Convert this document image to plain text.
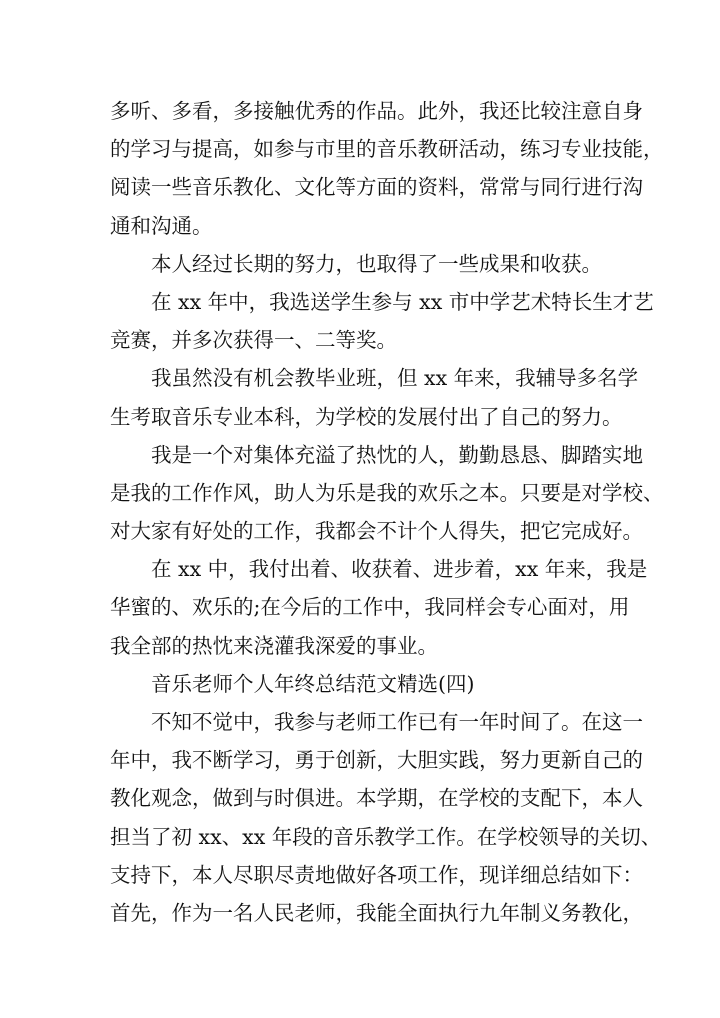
多听、多看，多接触优秀的作品。此外，我还比较注意自身
的学习与提高，如参与市里的音乐教研活动，练习专业技能，
阅读一些音乐教化、文化等方面的资料，常常与同行进行沟
通和沟通。
本人经过长期的努力，也取得了一些成果和收获。
在 xx 年中，我选送学生参与 xx 市中学艺术特长生才艺
竞赛，并多次获得一、二等奖。
我虽然没有机会教毕业班，但 xx 年来，我辅导多名学
生考取音乐专业本科，为学校的发展付出了自己的努力。
我是一个对集体充溢了热忱的人，勤勤恳恳、脚踏实地
是我的工作作风，助人为乐是我的欢乐之本。只要是对学校、
对大家有好处的工作，我都会不计个人得失，把它完成好。
在 xx 中，我付出着、收获着、进步着，xx 年来，我是
华蜜的、欢乐的;在今后的工作中，我同样会专心面对，用
我全部的热忱来浇灌我深爱的事业。
音乐老师个人年终总结范文精选(四)
不知不觉中，我参与老师工作已有一年时间了。在这一
年中，我不断学习，勇于创新，大胆实践，努力更新自己的
教化观念，做到与时俱进。本学期，在学校的支配下，本人
担当了初 xx、xx 年段的音乐教学工作。在学校领导的关切、
支持下，本人尽职尽责地做好各项工作，现详细总结如下：
首先，作为一名人民老师，我能全面执行九年制义务教化，
